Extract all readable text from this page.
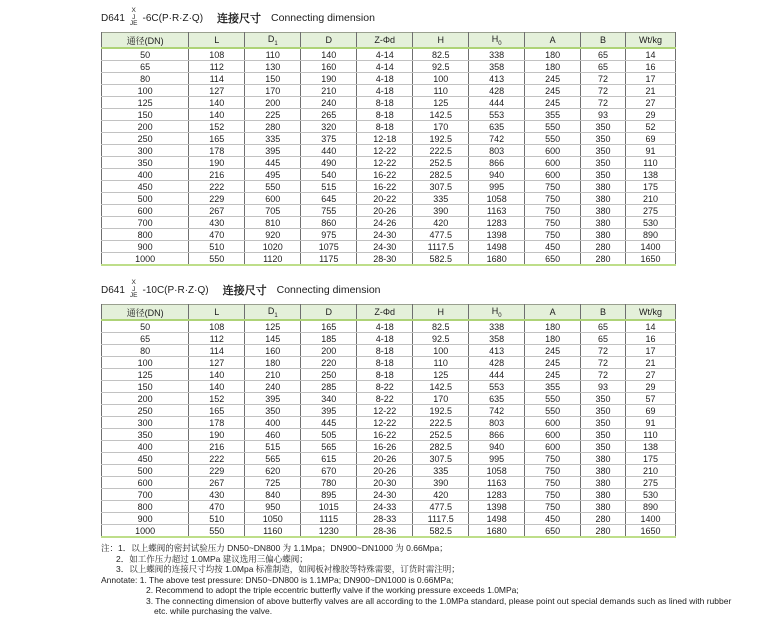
D641
X
J
JE
-6C(P·R·Z·Q) 连接尺寸 Connecting dimension
通径(DN)	L	$D_1$	D	Z-Φd	H	$H_0$	A	B	Wt/kg
50	108	110	140	4-14	82.5	338	180	65	14
65	112	130	160	4-14	92.5	358	180	65	16
80	114	150	190	4-18	100	413	245	72	17
100	127	170	210	4-18	110	428	245	72	21
125	140	200	240	8-18	125	444	245	72	27
150	140	225	265	8-18	142.5	553	355	93	29
200	152	280	320	8-18	170	635	550	350	52
250	165	335	375	12-18	192.5	742	550	350	69
300	178	395	440	12-22	222.5	803	600	350	91
350	190	445	490	12-22	252.5	866	600	350	110
400	216	495	540	16-22	282.5	940	600	350	138
450	222	550	515	16-22	307.5	995	750	380	175
500	229	600	645	20-22	335	1058	750	380	210
600	267	705	755	20-26	390	1163	750	380	275
700	430	810	860	24-26	420	1283	750	380	530
800	470	920	975	24-30	477.5	1398	750	380	890
900	510	1020	1075	24-30	1117.5	1498	450	280	1400
1000	550	1120	1175	28-30	582.5	1680	650	280	1650
D641
X
J
JE
-10C(P·R·Z·Q) 连接尺寸 Connecting dimension
通径(DN)	L	$D_1$	D	Z-Φd	H	$H_0$	A	B	Wt/kg
50	108	125	165	4-18	82.5	338	180	65	14
65	112	145	185	4-18	92.5	358	180	65	16
80	114	160	200	8-18	100	413	245	72	17
100	127	180	220	8-18	110	428	245	72	21
125	140	210	250	8-18	125	444	245	72	27
150	140	240	285	8-22	142.5	553	355	93	29
200	152	395	340	8-22	170	635	550	350	57
250	165	350	395	12-22	192.5	742	550	350	69
300	178	400	445	12-22	222.5	803	600	350	91
350	190	460	505	16-22	252.5	866	600	350	110
400	216	515	565	16-26	282.5	940	600	350	138
450	222	565	615	20-26	307.5	995	750	380	175
500	229	620	670	20-26	335	1058	750	380	210
600	267	725	780	20-30	390	1163	750	380	275
700	430	840	895	24-30	420	1283	750	380	530
800	470	950	1015	24-33	477.5	1398	750	380	890
900	510	1050	1115	28-33	1117.5	1498	450	280	1400
1000	550	1160	1230	28-36	582.5	1680	650	280	1650
注：1．以上蝶阀的密封试验压力 DN50~DN800 为 1.1Mpa；DN900~DN1000 为 0.66Mpa；
2．如工作压力超过 1.0MPa 建议选用三偏心蝶阀；
3．以上蝶阀的连接尺寸均按 1.0Mpa 标准制造，如阀板衬橡胶等特殊需要，订货时需注明；
Annotate: 1. The above test pressure: DN50~DN800 is 1.1MPa; DN900~DN1000 is 0.66MPa;
2. Recommend to adopt the triple eccentric butterfly valve if the working pressure exceeds 1.0MPa;
3. The connecting dimension of above butterfly valves are all according to the 1.0MPa standard, please point out special demands such as lined with rubber
etc. while purchasing the valve.
